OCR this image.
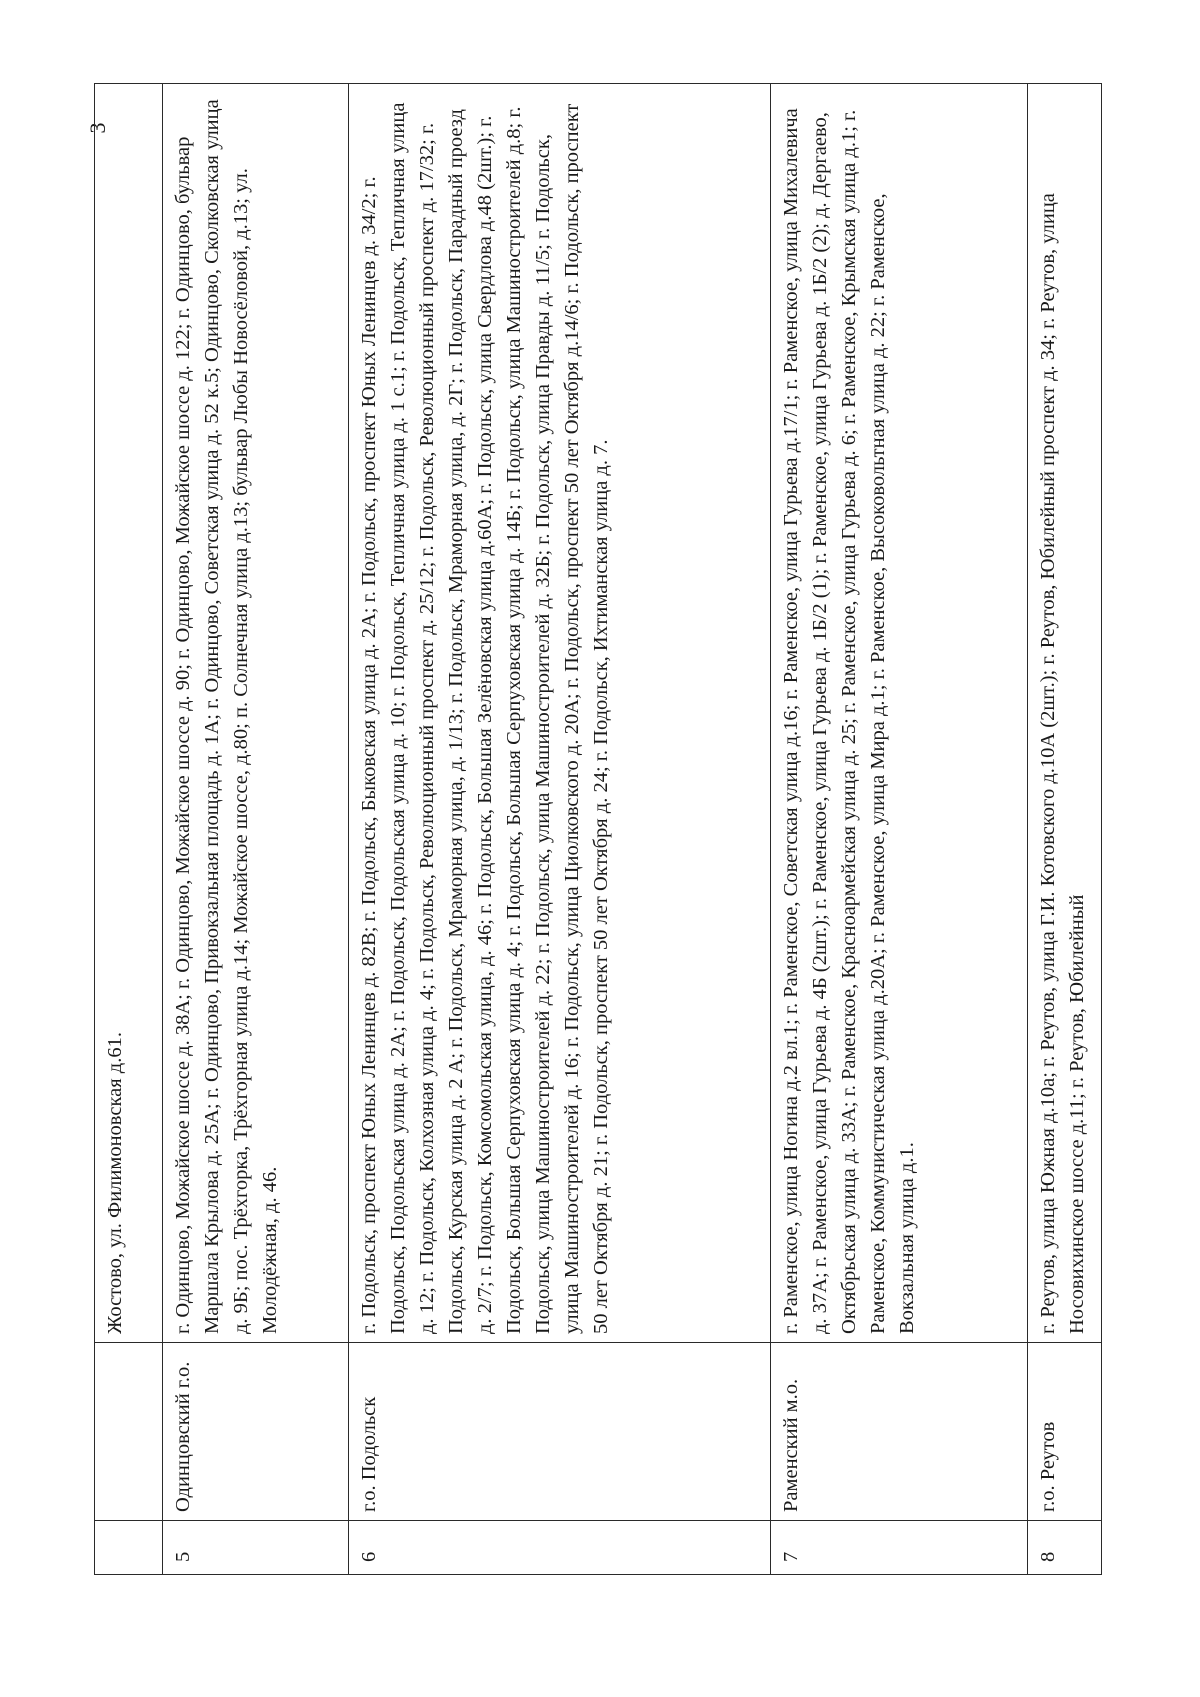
3
		Жостово, ул. Филимоновская д.61.
5	Одинцовский г.о.	г. Одинцово, Можайское шоссе д. 38А; г. Одинцово, Можайское шоссе д. 90; г. Одинцово, Можайское шоссе д. 122; г. Одинцово, бульвар Маршала Крылова д. 25А; г. Одинцово, Привокзальная площадь д. 1А; г. Одинцово, Советская улица д. 52 к.5; Одинцово, Сколковская улица д. 9Б; пос. Трёхгорка, Трёхгорная улица д.14; Можайское шоссе, д.80; п. Солнечная улица д.13; бульвар Любы Новосёловой, д.13; ул. Молодёжная, д. 46.
6	г.о. Подольск	г. Подольск, проспект Юных Ленинцев д. 82В; г. Подольск, Быковская улица д. 2А; г. Подольск, проспект Юных Ленинцев д. 34/2; г. Подольск, Подольская улица д. 2А; г. Подольск, Подольская улица д. 10; г. Подольск, Тепличная улица д. 1 с.1; г. Подольск, Тепличная улица д. 12; г. Подольск, Колхозная улица д. 4; г. Подольск, Революционный проспект д. 25/12; г. Подольск, Революционный проспект д. 17/32; г. Подольск, Курская улица д. 2 А; г. Подольск, Мраморная улица, д. 1/13; г. Подольск, Мраморная улица, д. 2Г; г. Подольск, Парадный проезд д. 2/7; г. Подольск, Комсомольская улица, д. 46; г. Подольск, Большая Зелёновская улица д.60А; г. Подольск, улица Свердлова д.48 (2шт.); г. Подольск, Большая Серпуховская улица д. 4; г. Подольск, Большая Серпуховская улица д. 14Б; г. Подольск, улица Машиностроителей д.8; г. Подольск, улица Машиностроителей д. 22; г. Подольск, улица Машиностроителей д. 32Б; г. Подольск, улица Правды д. 11/5; г. Подольск, улица Машиностроителей д. 16; г. Подольск, улица Циолковского д. 20А; г. Подольск, проспект 50 лет Октября д.14/6; г. Подольск, проспект 50 лет Октября д. 21; г. Подольск, проспект 50 лет Октября д. 24; г. Подольск, Ихтиманская улица д. 7.
7	Раменский м.о.	г. Раменское, улица Ногина д.2 вл.1; г. Раменское, Советская улица д.16; г. Раменское, улица Гурьева д.17/1; г. Раменское, улица Михалевича д. 37А; г. Раменское, улица Гурьева д. 4Б (2шт.); г. Раменское, улица Гурьева д. 1Б/2 (1); г. Раменское, улица Гурьева д. 1Б/2 (2); д. Дергаево, Октябрьская улица д. 33А; г. Раменское, Красноармейская улица д. 25; г. Раменское, улица Гурьева д. 6; г. Раменское, Крымская улица д.1; г. Раменское, Коммунистическая улица д.20А; г. Раменское, улица Мира д.1; г. Раменское, Высоковольтная улица д. 22; г. Раменское, Вокзальная улица д.1.
8	г.о. Реутов	г. Реутов, улица Южная д.10а; г. Реутов, улица Г.И. Котовского д.10А (2шт.); г. Реутов, Юбилейный проспект д. 34; г. Реутов, улица Носовихинское шоссе д.11; г. Реутов, Юбилейный
